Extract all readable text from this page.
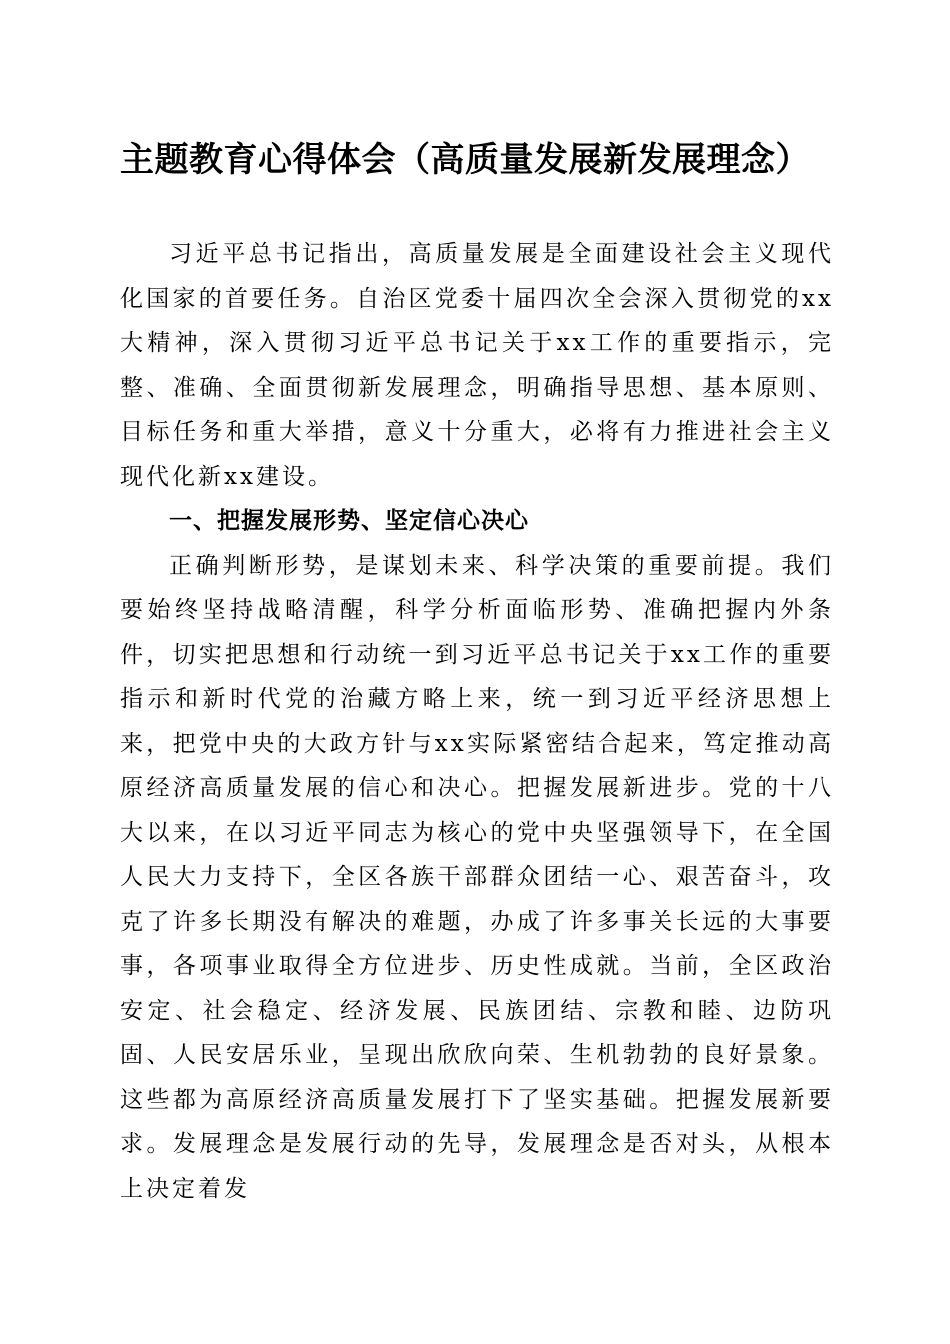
主题教育心得体会（高质量发展新发展理念）

习近平总书记指出，高质量发展是全面建设社会主义现代化国家的首要任务。自治区党委十届四次全会深入贯彻党的xx大精神，深入贯彻习近平总书记关于xx工作的重要指示，完整、准确、全面贯彻新发展理念，明确指导思想、基本原则、目标任务和重大举措，意义十分重大，必将有力推进社会主义现代化新xx建设。

一、把握发展形势、坚定信心决心

正确判断形势，是谋划未来、科学决策的重要前提。我们要始终坚持战略清醒，科学分析面临形势、准确把握内外条件，切实把思想和行动统一到习近平总书记关于xx工作的重要指示和新时代党的治藏方略上来，统一到习近平经济思想上来，把党中央的大政方针与xx实际紧密结合起来，笃定推动高原经济高质量发展的信心和决心。把握发展新进步。党的十八大以来，在以习近平同志为核心的党中央坚强领导下，在全国人民大力支持下，全区各族干部群众团结一心、艰苦奋斗，攻克了许多长期没有解决的难题，办成了许多事关长远的大事要事，各项事业取得全方位进步、历史性成就。当前，全区政治安定、社会稳定、经济发展、民族团结、宗教和睦、边防巩固、人民安居乐业，呈现出欣欣向荣、生机勃勃的良好景象。这些都为高原经济高质量发展打下了坚实基础。把握发展新要求。发展理念是发展行动的先导，发展理念是否对头，从根本上决定着发
